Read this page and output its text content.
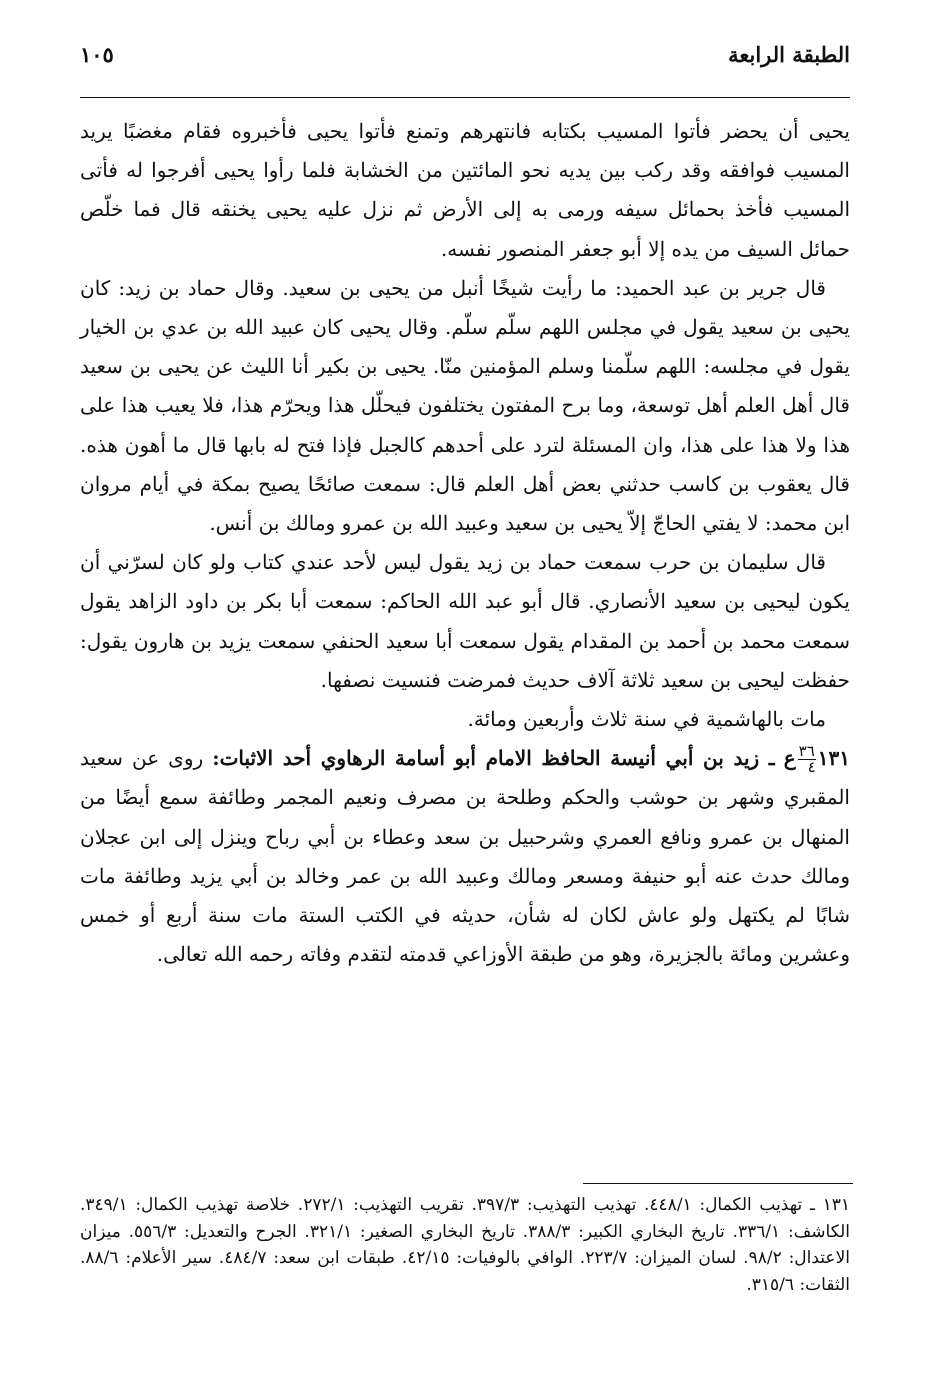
الطبقة الرابعة
١٠٥

يحيى أن يحضر فأتوا المسيب بكتابه فانتهرهم وتمنع فأتوا يحيى فأخبروه فقام مغضبًا يريد المسيب فوافقه وقد ركب بين يديه نحو المائتين من الخشابة فلما رأوا يحيى أفرجوا له فأتى المسيب فأخذ بحمائل سيفه ورمى به إلى الأرض ثم نزل عليه يحيى يخنقه قال فما خلّص حمائل السيف من يده إلا أبو جعفر المنصور نفسه.

قال جرير بن عبد الحميد: ما رأيت شيخًا أنبل من يحيى بن سعيد. وقال حماد بن زيد: كان يحيى بن سعيد يقول في مجلس اللهم سلّم سلّم. وقال يحيى كان عبيد الله بن عدي بن الخيار يقول في مجلسه: اللهم سلّمنا وسلم المؤمنين منّا. يحيى بن بكير أنا الليث عن يحيى بن سعيد قال أهل العلم أهل توسعة، وما برح المفتون يختلفون فيحلّل هذا ويحرّم هذا، فلا يعيب هذا على هذا ولا هذا على هذا، وان المسئلة لترد على أحدهم كالجبل فإذا فتح له بابها قال ما أهون هذه. قال يعقوب بن كاسب حدثني بعض أهل العلم قال: سمعت صائحًا يصيح بمكة في أيام مروان ابن محمد: لا يفتي الحاجّ إلاّ يحيى بن سعيد وعبيد الله بن عمرو ومالك بن أنس.

قال سليمان بن حرب سمعت حماد بن زيد يقول ليس لأحد عندي كتاب ولو كان لسرّني أن يكون ليحيى بن سعيد الأنصاري. قال أبو عبد الله الحاكم: سمعت أبا بكر بن داود الزاهد يقول سمعت محمد بن أحمد بن المقدام يقول سمعت أبا سعيد الحنفي سمعت يزيد بن هارون يقول: حفظت ليحيى بن سعيد ثلاثة آلاف حديث فمرضت فنسيت نصفها.

مات بالهاشمية في سنة ثلاث وأربعين ومائة.

١٣١
٣٦
٤
ع ـ زيد بن أبي أنيسة الحافظ الامام أبو أسامة الرهاوي أحد الاثبات: روى عن سعيد المقبري وشهر بن حوشب والحكم وطلحة بن مصرف ونعيم المجمر وطائفة سمع أيضًا من المنهال بن عمرو ونافع العمري وشرحبيل بن سعد وعطاء بن أبي رباح وينزل إلى ابن عجلان ومالك حدث عنه أبو حنيفة ومسعر ومالك وعبيد الله بن عمر وخالد بن أبي يزيد وطائفة مات شابًا لم يكتهل ولو عاش لكان له شأن، حديثه في الكتب الستة مات سنة أربع أو خمس وعشرين ومائة بالجزيرة، وهو من طبقة الأوزاعي قدمته لتقدم وفاته رحمه الله تعالى.

١٣١ ـ تهذيب الكمال: ٤٤٨/١. تهذيب التهذيب: ٣٩٧/٣. تقريب التهذيب: ٢٧٢/١. خلاصة تهذيب الكمال: ٣٤٩/١. الكاشف: ٣٣٦/١. تاريخ البخاري الكبير: ٣٨٨/٣. تاريخ البخاري الصغير: ٣٢١/١. الجرح والتعديل: ٥٥٦/٣. ميزان الاعتدال: ٩٨/٢. لسان الميزان: ٢٢٣/٧. الوافي بالوفيات: ٤٢/١٥. طبقات ابن سعد: ٤٨٤/٧. سير الأعلام: ٨٨/٦. الثقات: ٣١٥/٦.
